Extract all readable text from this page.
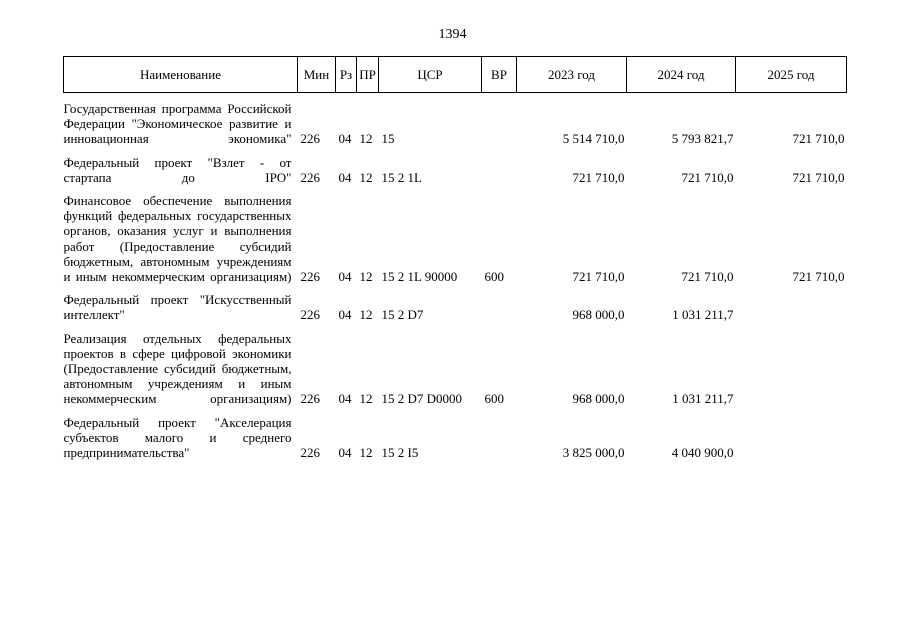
1394
Наименование	Мин	Рз	ПР	ЦСР	ВР	2023 год	2024 год	2025 год
Государственная программа Российской Федерации "Экономическое развитие и инновационная экономика"	226	04	12	15		5 514 710,0	5 793 821,7	721 710,0
Федеральный проект "Взлет - от стартапа до IPO"	226	04	12	15 2 1L		721 710,0	721 710,0	721 710,0
Финансовое обеспечение выполнения функций федеральных государственных органов, оказания услуг и выполнения работ (Предоставление субсидий бюджетным, автономным учреждениям и иным некоммерческим организациям)	226	04	12	15 2 1L 90000	600	721 710,0	721 710,0	721 710,0
Федеральный проект "Искусственный интеллект"	226	04	12	15 2 D7		968 000,0	1 031 211,7	
Реализация отдельных федеральных проектов в сфере цифровой экономики (Предоставление субсидий бюджетным, автономным учреждениям и иным некоммерческим организациям)	226	04	12	15 2 D7 D0000	600	968 000,0	1 031 211,7	
Федеральный проект "Акселерация субъектов малого и среднего предпринимательства"	226	04	12	15 2 I5		3 825 000,0	4 040 900,0	
